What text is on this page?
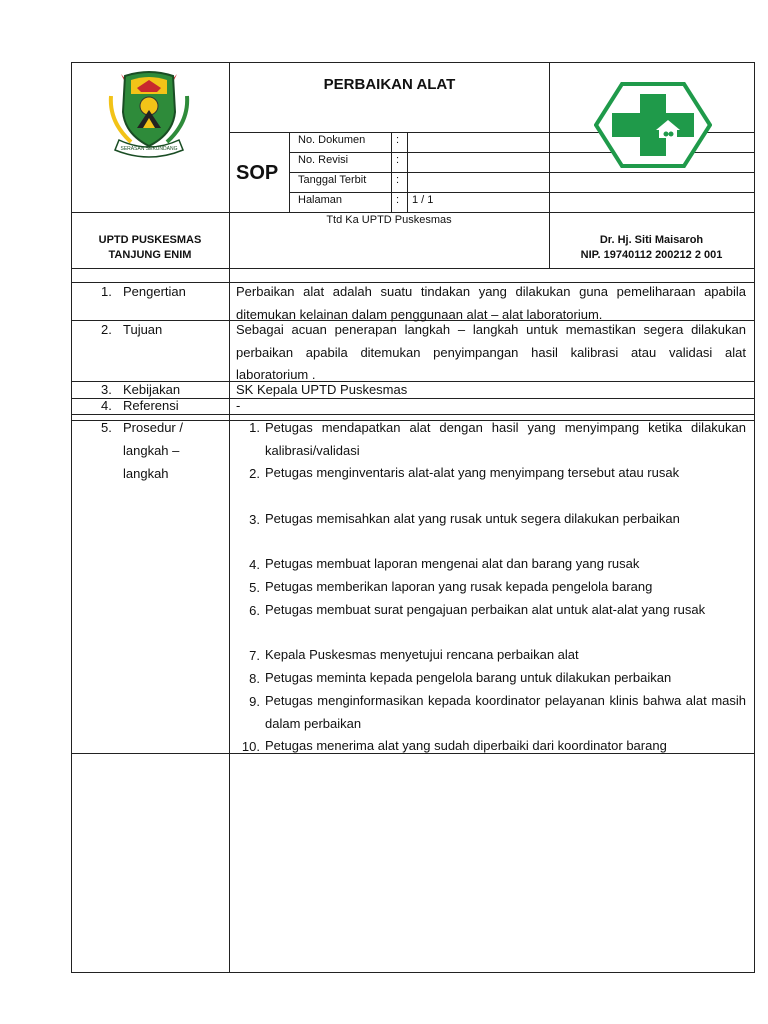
SERASAN SEKUNDANG
PERBAIKAN ALAT
SOP
No. Dokumen
No. Revisi
Tanggal Terbit
Halaman
:
:
:
: 1 / 1
UPTD PUSKESMAS
TANJUNG ENIM
Ttd Ka UPTD Puskesmas
Dr. Hj. Siti Maisaroh
NIP. 19740112 200212 2 001
1. Pengertian
2. Tujuan
3. Kebijakan
4. Referensi
5. Prosedur /
langkah –
langkah
Perbaikan alat adalah suatu tindakan yang dilakukan guna pemeliharaan apabila ditemukan kelainan dalam penggunaan alat – alat laboratorium.
Sebagai acuan penerapan langkah – langkah untuk memastikan segera dilakukan perbaikan apabila ditemukan penyimpangan hasil kalibrasi atau validasi alat laboratorium .
SK Kepala UPTD Puskesmas
-
1. Petugas mendapatkan alat dengan hasil yang menyimpang ketika dilakukan kalibrasi/validasi
2. Petugas menginventaris alat-alat yang menyimpang tersebut atau rusak
3. Petugas memisahkan alat yang rusak untuk segera dilakukan perbaikan
4. Petugas membuat laporan mengenai alat dan barang yang rusak
5. Petugas memberikan laporan yang rusak kepada pengelola barang
6. Petugas membuat surat pengajuan perbaikan alat untuk alat-alat yang rusak
7. Kepala Puskesmas menyetujui rencana perbaikan alat
8. Petugas meminta kepada pengelola barang untuk dilakukan perbaikan
9. Petugas menginformasikan kepada koordinator pelayanan klinis bahwa alat masih dalam perbaikan
10. Petugas menerima alat yang sudah diperbaiki dari koordinator barang
